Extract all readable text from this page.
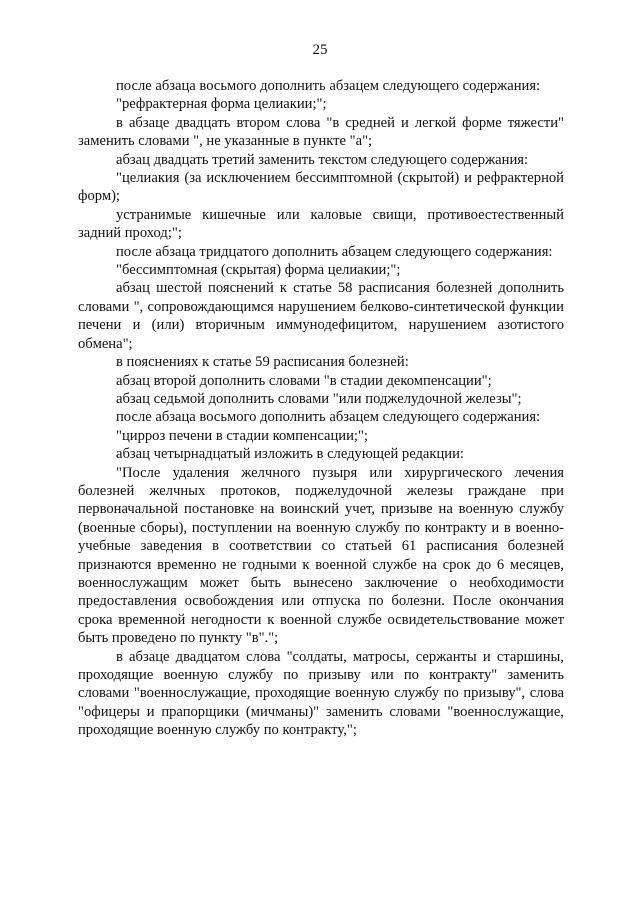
25

после абзаца восьмого дополнить абзацем следующего содержания:

"рефрактерная форма целиакии;";

в абзаце двадцать втором слова "в средней и легкой форме тяжести" заменить словами ", не указанные в пункте "а";

абзац двадцать третий заменить текстом следующего содержания:

"целиакия (за исключением бессимптомной (скрытой) и рефрактерной форм);

устранимые кишечные или каловые свищи, противоестественный задний проход;";

после абзаца тридцатого дополнить абзацем следующего содержания:

"бессимптомная (скрытая) форма целиакии;";

абзац шестой пояснений к статье 58 расписания болезней дополнить словами ", сопровождающимся нарушением белково-синтетической функции печени и (или) вторичным иммунодефицитом, нарушением азотистого обмена";

в пояснениях к статье 59 расписания болезней:

абзац второй дополнить словами "в стадии декомпенсации";

абзац седьмой дополнить словами "или поджелудочной железы";

после абзаца восьмого дополнить абзацем следующего содержания:

"цирроз печени в стадии компенсации;";

абзац четырнадцатый изложить в следующей редакции:

"После удаления желчного пузыря или хирургического лечения болезней желчных протоков, поджелудочной железы граждане при первоначальной постановке на воинский учет, призыве на военную службу (военные сборы), поступлении на военную службу по контракту и в военно-учебные заведения в соответствии со статьей 61 расписания болезней признаются временно не годными к военной службе на срок до 6 месяцев, военнослужащим может быть вынесено заключение о необходимости предоставления освобождения или отпуска по болезни. После окончания срока временной негодности к военной службе освидетельствование может быть проведено по пункту "в".";

в абзаце двадцатом слова "солдаты, матросы, сержанты и старшины, проходящие военную службу по призыву или по контракту" заменить словами "военнослужащие, проходящие военную службу по призыву", слова "офицеры и прапорщики (мичманы)" заменить словами "военнослужащие, проходящие военную службу по контракту,";
